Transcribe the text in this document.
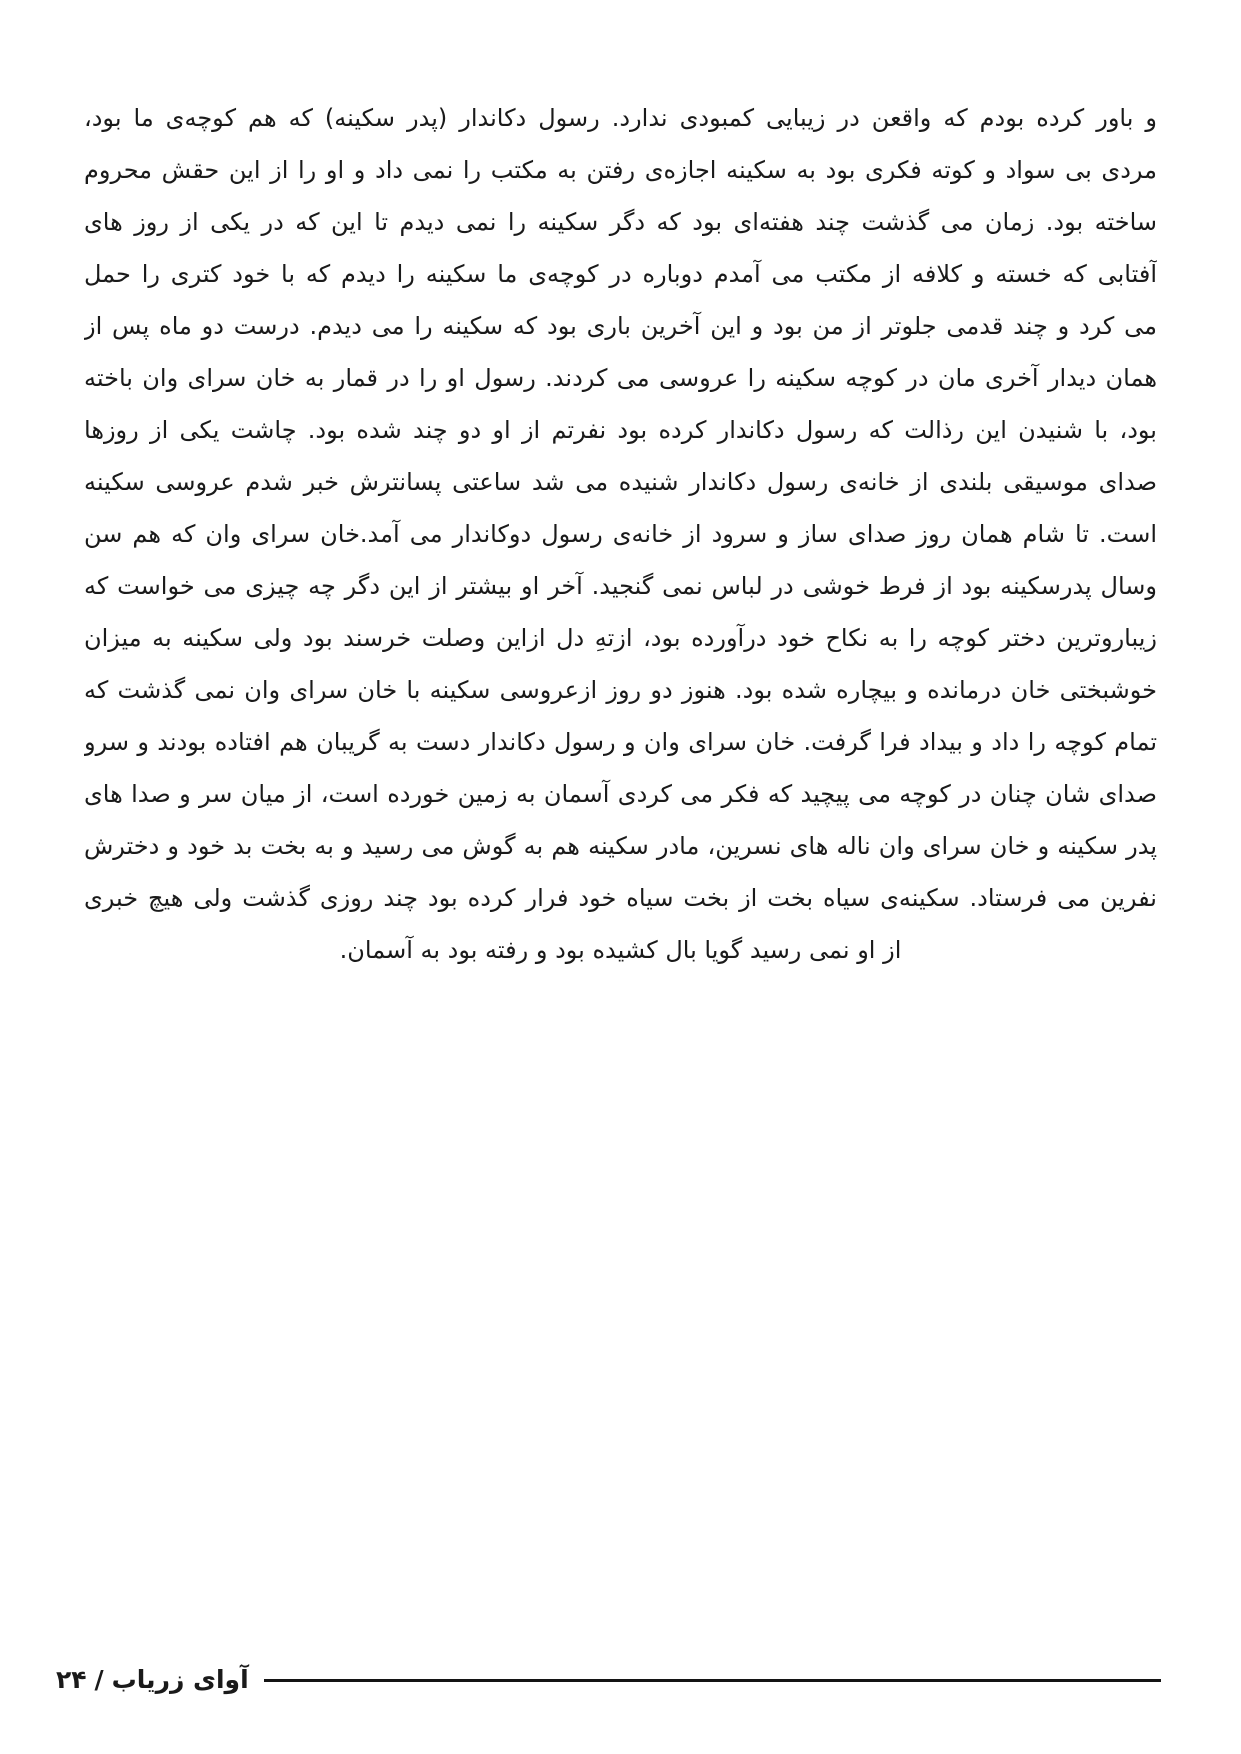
و باور کرده بودم که واقعن در زیبایی کمبودی ندارد. رسول دکاندار (پدر سکینه) که هم کوچه‌ی ما بود،
مردی بی سواد و کوته فکری بود به سکینه اجازه‌ی رفتن به مکتب را نمی داد و او را از این حقش محروم
ساخته بود. زمان می گذشت چند هفته‌ای بود که دگر سکینه را نمی دیدم تا این که در یکی از روز های
آفتابی که خسته و کلافه از مکتب می آمدم دوباره در کوچه‌ی ما سکینه را دیدم که با خود کتری را حمل
می کرد و چند قدمی جلوتر از من بود و این آخرین باری بود که سکینه را می دیدم. درست دو ماه پس از
همان دیدار آخری مان در کوچه سکینه را عروسی می کردند. رسول او را در قمار به خان سرای وان باخته
بود، با شنیدن این رذالت که رسول دکاندار کرده بود نفرتم از او دو چند شده بود. چاشت یکی از روزها
صدای موسیقی بلندی از خانه‌ی رسول دکاندار شنیده می شد ساعتی پسانترش خبر شدم عروسی سکینه
است. تا شام همان روز صدای ساز و سرود از خانه‌ی رسول دوکاندار می آمد.خان سرای وان که هم سن
وسال پدرسکینه بود از فرط خوشی در لباس نمی گنجید. آخر او بیشتر از این دگر چه چیزی می خواست که
زیباروترین دختر کوچه را به نکاح خود درآورده بود، ازتهِ دل ازاین وصلت خرسند بود ولی سکینه به میزان
خوشبختی خان درمانده و بیچاره شده بود. هنوز دو روز ازعروسی سکینه با خان سرای وان نمی گذشت که
تمام کوچه را داد و بیداد فرا گرفت. خان سرای وان و رسول دکاندار دست به گریبان هم افتاده بودند و سرو
صدای شان چنان در کوچه می پیچید که فکر می کردی آسمان به زمین خورده است، از میان سر و صدا های
پدر سکینه و خان سرای وان ناله های نسرین، مادر سکینه هم به گوش می رسید و به بخت بد خود و دخترش
نفرین می فرستاد. سکینه‌ی سیاه بخت از بخت سیاه خود فرار کرده بود چند روزی گذشت ولی هیچ خبری
از او نمی رسید گویا بال کشیده بود و رفته بود به آسمان.
۲۴ / آوای زریاب
